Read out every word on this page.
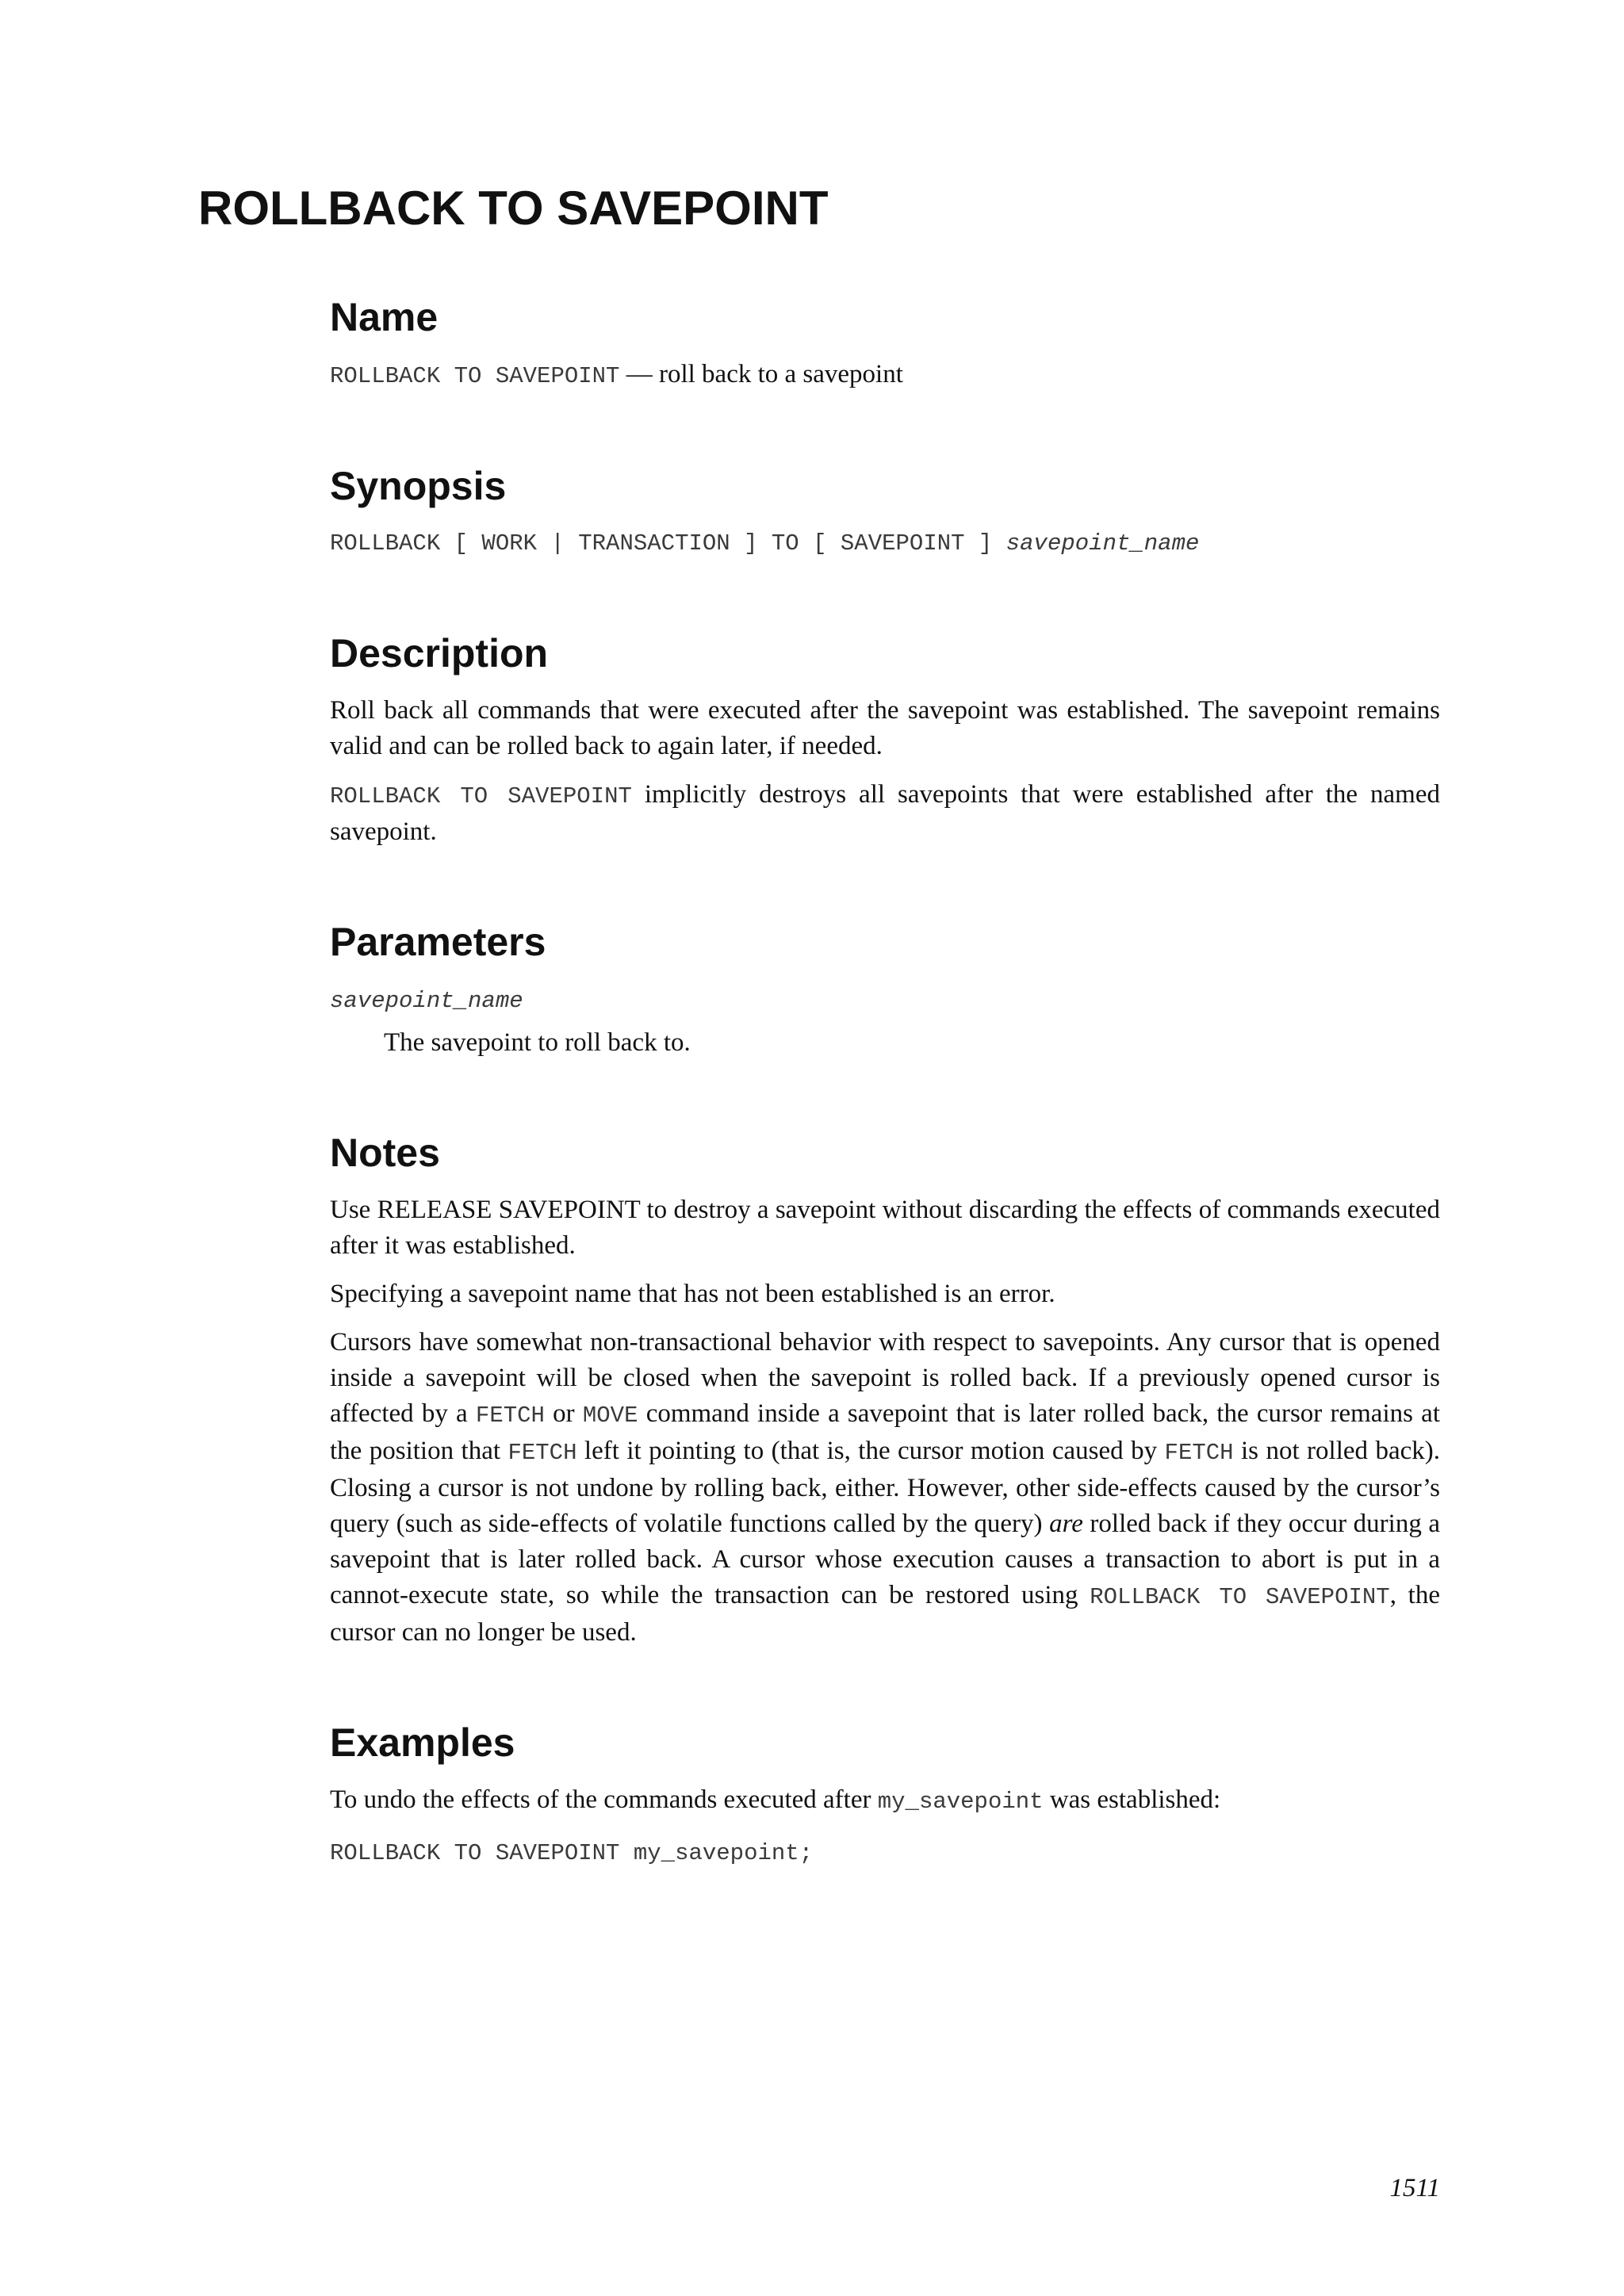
ROLLBACK TO SAVEPOINT
Name

ROLLBACK TO SAVEPOINT — roll back to a savepoint

Synopsis
ROLLBACK [ WORK | TRANSACTION ] TO [ SAVEPOINT ] savepoint_name
Description

Roll back all commands that were executed after the savepoint was established. The savepoint remains valid and can be rolled back to again later, if needed.

ROLLBACK TO SAVEPOINT implicitly destroys all savepoints that were established after the named savepoint.

Parameters
savepoint_name

The savepoint to roll back to.

Notes

Use RELEASE SAVEPOINT to destroy a savepoint without discarding the effects of commands executed after it was established.

Specifying a savepoint name that has not been established is an error.

Cursors have somewhat non-transactional behavior with respect to savepoints. Any cursor that is opened inside a savepoint will be closed when the savepoint is rolled back. If a previously opened cursor is affected by a FETCH or MOVE command inside a savepoint that is later rolled back, the cursor remains at the position that FETCH left it pointing to (that is, the cursor motion caused by FETCH is not rolled back). Closing a cursor is not undone by rolling back, either. However, other side-effects caused by the cursor’s query (such as side-effects of volatile functions called by the query) are rolled back if they occur during a savepoint that is later rolled back. A cursor whose execution causes a transaction to abort is put in a cannot-execute state, so while the transaction can be restored using ROLLBACK TO SAVEPOINT, the cursor can no longer be used.

Examples

To undo the effects of the commands executed after my_savepoint was established:

ROLLBACK TO SAVEPOINT my_savepoint;
1511
